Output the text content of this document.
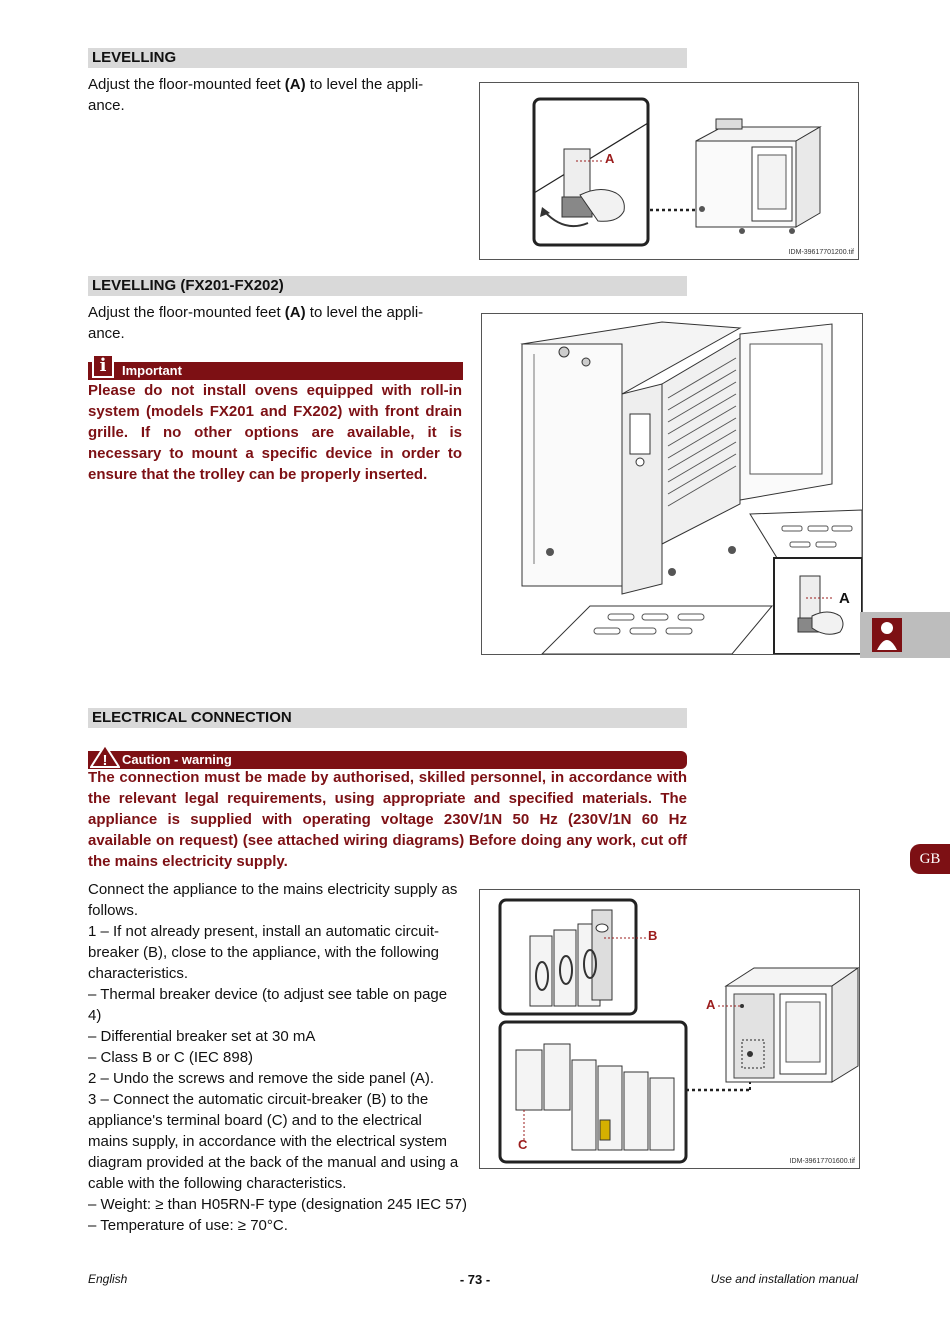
LEVELLING
Adjust the floor-mounted feet (A) to level the appli-
ance.
A
IDM-39617701200.tif
LEVELLING (FX201-FX202)
Adjust the floor-mounted feet (A) to level the appli-
ance.
i	Important
Please do not install ovens equipped with roll-in system (models FX201 and FX202) with front drain grille. If no other options are available, it is necessary to mount a specific device in order to ensure that the trolley can be properly inserted.
A
ELECTRICAL CONNECTION
! Caution - warning
The connection must be made by authorised, skilled personnel, in accordance with the relevant legal requirements, using appropriate and specified materials. The appliance is supplied with operating voltage 230V/1N 50 Hz (230V/1N 60 Hz available on request) (see attached wiring diagrams) Before doing any work, cut off the mains electricity supply.	GB
Connect the appliance to the mains electricity supply as follows.
1 – If not already present, install an automatic circuit-breaker (B), close to the appliance, with the following characteristics.
– Thermal breaker device (to adjust see table on page 4)
– Differential breaker set at 30 mA
– Class B or C (IEC 898)
2 – Undo the screws and remove the side panel (A).
3 – Connect the automatic circuit-breaker (B) to the appliance's terminal board (C) and to the electrical mains supply, in accordance with the electrical system diagram provided at the back of the manual and using a cable with the following characteristics.
– Weight: ≥ than H05RN-F type (designation 245 IEC 57)
– Temperature of use: ≥ 70°C.
B
A
C
IDM-39617701600.tif
English	- 73 -	Use and installation manual
